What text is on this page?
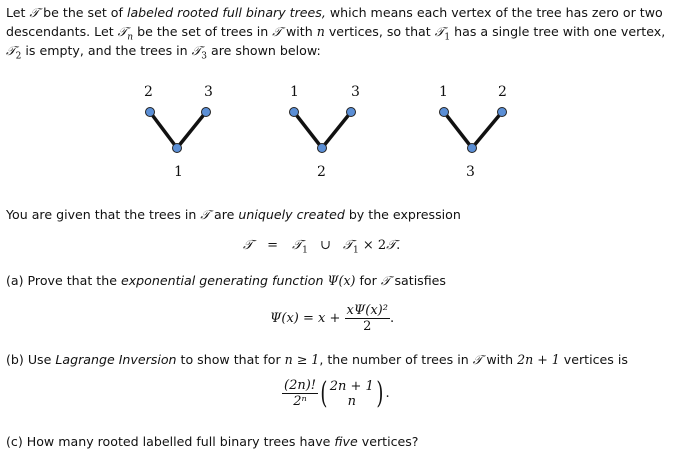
Let 𝒯 be the set of labeled rooted full binary trees, which means each vertex of the tree has zero or two
descendants. Let 𝒯$_n$ be the set of trees in 𝒯 with n vertices, so that 𝒯$_1$ has a single tree with one vertex,
𝒯$_2$ is empty, and the trees in 𝒯$_3$ are shown below:
2	3
1
1	3
2
1	2
3
You are given that the trees in 𝒯 are uniquely created by the expression
𝒯 = 𝒯$_1$ ∪ 𝒯$_1$ × 2𝒯.
(a) Prove that the exponential generating function Ψ(x) for 𝒯 satisfies
$\Psi(x) = x + \frac{\text{xΨ(x)²}}{2}$ .
(b) Use Lagrange Inversion to show that for n ≥ 1, the number of trees in 𝒯 with 2n + 1 vertices is
$\frac{(2n)!}{\text{2ⁿ}}$ ( 2n + 1
n ) .
(c) How many rooted labelled full binary trees have five vertices?
